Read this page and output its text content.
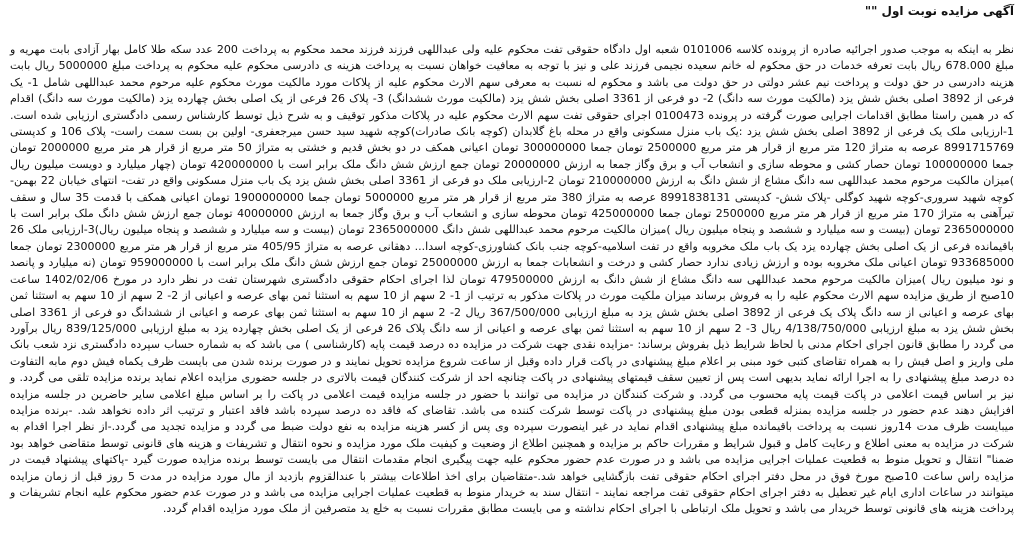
آگهی مزایده نوبت اول ""

نظر به اینکه به موجب صدور اجرائیه صادره از پرونده کلاسه 0101006 شعبه اول دادگاه حقوقی تفت محکوم علیه ولی عبداللهی فرزند فرزند محمد محکوم به پرداخت 200 عدد سکه طلا کامل بهار آزادی بابت مهریه و مبلغ 678.000 ریال بابت تعرفه خدمات در حق محکوم له خانم سعیده نجیمی فرزند علی و نیز با توجه به معافیت خواهان نسبت به پرداخت هزینه ی دادرسی محکوم علیه محکوم به پرداخت مبلغ 5000000 ریال بابت هزینه دادرسی در حق دولت و پرداخت نیم عشر دولتی در حق دولت می باشد و محکوم له نسبت به معرفی سهم الارث محکوم علیه از پلاکات مورد مالکیت مورث محکوم علیه مرحوم محمد عبداللهی شامل 1- یک فرعی از 3892 اصلی بخش شش یزد (مالکیت مورث سه دانگ) 2- دو فرعی از 3361 اصلی بخش شش یزد (مالکیت مورث ششدانگ) 3- پلاک 26 فرعی از یک اصلی بخش چهارده یزد (مالکیت مورث سه دانگ) اقدام که در همین راستا مطابق اقدامات اجرایی صورت گرفته در پرونده 0100473 اجرای حقوقی تفت سهم الارث محکوم علیه در پلاکات مذکور توقیف و به شرح ذیل توسط کارشناس رسمی دادگستری ارزیابی شده است. 1-ارزیابی ملک یک فرعی از 3892 اصلی بخش شش یزد :یک باب منزل مسکونی واقع در محله باغ گلابدان (کوچه بانک صادرات)کوچه شهید سید حسن میرجعفری- اولین بن بست سمت راست- پلاک 106 و کدپستی 8991715769 عرصه به متراژ 120 متر مربع از قرار هر متر مربع 2500000 تومان جمعا 300000000 تومان اعیانی همکف در دو بخش قدیم و خشتی به متراژ 50 متر مربع از قرار هر متر مربع 2000000 تومان جمعا 100000000 تومان حصار کشی و محوطه سازی و انشعاب آب و برق وگاز جمعا به ارزش 20000000 تومان جمع ارزش شش دانگ ملک برابر است با 420000000 تومان (چهار میلیارد و دویست میلیون ریال )میزان مالکیت مرحوم محمد عبداللهی سه دانگ مشاع از شش دانگ به ارزش 210000000 تومان 2-ارزیابی ملک دو فرعی از 3361 اصلی بخش شش یزد یک باب منزل مسکونی واقع در تفت- انتهای خیابان 22 بهمن- کوچه شهید سروری-کوچه شهید کوگلی -پلاک شش- کدپستی 8991838131 عرصه به متراژ 380 متر مربع از قرار هر متر مربع 5000000 تومان جمعا 1900000000 تومان اعیانی همکف با قدمت 35 سال و سقف تیرآهنی به متراژ 170 متر مربع از قرار هر متر مربع 2500000 تومان جمعا 425000000 تومان محوطه سازی و انشعاب آب و برق وگاز جمعا به ارزش 40000000 تومان جمع ارزش شش دانگ ملک برابر است با 2365000000 تومان (بیست و سه میلیارد و ششصد و پنجاه میلیون ریال )میزان مالکیت مرحوم محمد عبداللهی شش دانگ 2365000000 تومان (بیست و سه میلیارد و ششصد و پنجاه میلیون ریال)3-ارزیابی ملک 26 باقیمانده فرعی از یک اصلی بخش چهارده یزد یک باب ملک مخروبه واقع در تفت اسلامیه-کوچه جنب بانک کشاورزی-کوچه اسدا... دهقانی عرصه به متراژ 405/95 متر مربع از قرار هر متر مربع 2300000 تومان جمعا 933685000 تومان اعیانی ملک مخروبه بوده و ارزش زیادی ندارد حصار کشی و درخت و انشعابات جمعا به ارزش 25000000 تومان جمع ارزش شش دانگ ملک برابر است با 959000000 تومان (نه میلیارد و پانصد و نود میلیون ریال )میزان مالکیت مرحوم محمد عبداللهی سه دانگ مشاع از شش دانگ به ارزش 479500000 تومان لذا اجرای احکام حقوقی دادگستری شهرستان تفت در نظر دارد در مورخ 1402/02/06 ساعت 10صبح از طریق مزایده سهم الارث محکوم علیه را به فروش برساند میزان ملکیت مورث در پلاکات مذکور به ترتیب از 1- 2 سهم از 10 سهم به استثنا ثمن بهای عرصه و اعیانی از 2- 2 سهم از 10 سهم به استثنا ثمن بهای عرصه و اعیانی از سه دانگ پلاک یک فرعی از 3892 اصلی بخش شش یزد به مبلغ ارزیابی 367/500/000 ریال 2- 2 سهم از 10 سهم به استثنا ثمن بهای عرصه و اعیانی از ششدانگ دو فرعی از 3361 اصلی بخش شش یزد به مبلغ ارزیابی 4/138/750/000 ریال 3- 2 سهم از 10 سهم به استثنا ثمن بهای عرصه و اعیانی از سه دانگ پلاک 26 فرعی از یک اصلی بخش چهارده یزد به مبلغ ارزیابی 839/125/000 ریال برآورد می گردد را مطابق قانون اجرای احکام مدنی با لحاظ شرایط ذیل بفروش برساند: -مزایده نقدی جهت شرکت در مزایده ده درصد قیمت پایه (کارشناسی ) می باشد که به شماره حساب سپرده دادگستری نزد شعب بانک ملی واریز و اصل فیش را به همراه تقاضای کتبی خود مبنی بر اعلام مبلغ پیشنهادی در پاکت قرار داده وقبل از ساعت شروع مزایده تحویل نمایند و در صورت برنده شدن می بایست ظرف یکماه فیش دوم مابه التفاوت ده درصد مبلغ پیشنهادی را به اجرا ارائه نماید بدیهی است پس از تعیین سقف قیمتهای پیشنهادی در پاکت چنانچه احد از شرکت کنندگان قیمت بالاتری در جلسه حضوری مزایده اعلام نماید برنده مزایده تلقی می گردد. و نیز بر اساس قیمت اعلامی در پاکت قیمت پایه محسوب می گردد. و شرکت کنندگان در مزایده می توانند با حضور در جلسه مزایده قیمت اعلامی در پاکت را بر اساس مبلغ اعلامی سایر حاضرین در جلسه مزایده افزایش دهند عدم حضور در جلسه مزایده بمنزله قطعی بودن مبلغ پیشنهادی در پاکت توسط شرکت کننده می باشد. تقاضای که فاقد ده درصد سپرده باشد فاقد اعتبار و ترتیب اثر داده نخواهد شد. -برنده مزایده میبایست ظرف مدت 14روز نسبت به پرداخت باقیمانده مبلغ پیشنهادی اقدام نماید در غیر اینصورت سپرده وی پس از کسر هزینه مزایده به نفع دولت ضبط می گردد و مزایده تجدید می گردد.-از نظر اجرا اقدام به شرکت در مزایده به معنی اطلاع و رعایت کامل و قبول شرایط و مقررات حاکم بر مزایده و همچنین اطلاع از وضعیت و کیفیت ملک مورد مزایده و نحوه انتقال و تشریفات و هزینه های قانونی توسط متقاضی خواهد بود ضمنا" انتقال و تحویل منوط به قطعیت عملیات اجرایی مزایده می باشد و در صورت عدم حضور محکوم علیه جهت پیگیری انجام مقدمات انتقال می بایست توسط برنده مزایده صورت گیرد -پاکتهای پیشنهاد قیمت در مزایده راس ساعت 10صبح مورخ فوق در محل دفتر اجرای احکام حقوقی تفت بازگشایی خواهد شد.-متقاضیان برای اخذ اطلاعات بیشتر با عندالقزوم بازدید از مال مورد مزایده در مدت 5 روز قبل از زمان مزایده میتوانند در ساعات اداری ایام غیر تعطیل به دفتر اجرای احکام حقوقی تفت مراجعه نمایند - انتقال سند به خریدار منوط به قطعیت عملیات اجرایی مزایده می باشد و در صورت عدم حضور محکوم علیه انجام تشریفات و پرداخت هزینه های قانونی توسط خریدار می باشد و تحویل ملک ارتباطی با اجرای احکام نداشته و می بایست مطابق مقررات نسبت به خلع ید متصرفین از ملک مورد مزایده اقدام گردد.
